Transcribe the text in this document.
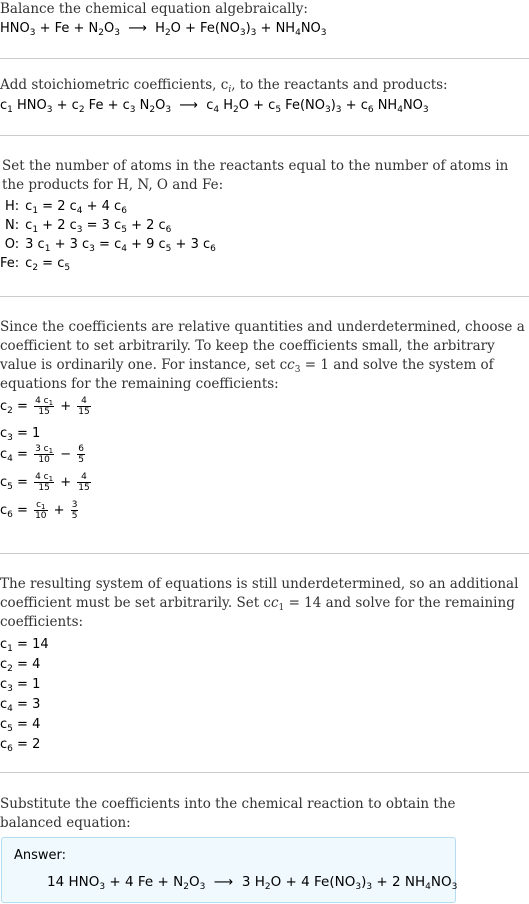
Balance the chemical equation algebraically:
$HNO_3 + Fe + N_2O_3$  ⟶  $H_2O + Fe(NO_3)_3 + NH_4NO_3$
Add stoichiometric coefficients, $c_i$, to the reactants and products:
$c_1$ $HNO_3 + c_2$ $Fe + c_3$ $N_2O_3$  ⟶  $c_4$ $H_2O + c_5$ $Fe(NO_3)_3 + c_6$ $NH_4NO_3$
Set the number of atoms in the reactants equal to the number of atoms in the products for H, N, O and Fe:
H:	$c_1 = 2$ $c_4 + 4$ $c_6$
N:	$c_1 + 2$ $c_3 = 3$ $c_5 + 2$ $c_6$
O:	3 $c_1 + 3$ $c_3 = c_4 + 9$ $c_5 + 3$ $c_6$
Fe:	$c_2 = c_5$
Since the coefficients are relative quantities and underdetermined, choose a coefficient to set arbitrarily. To keep the coefficients small, the arbitrary value is ordinarily one. For instance, set $cc_3 = 1$ and solve the system of equations for the remaining coefficients:
$c_2 = \frac{4 c_1}{15} + \frac{4}{15}$
$c_3 = 1$
$c_4 = \frac{3 c_1}{10} - \frac{6}{5}$
$c_5 = \frac{4 c_1}{15} + \frac{4}{15}$
$c_6 = \frac{c_1}{10} + \frac{3}{5}$
The resulting system of equations is still underdetermined, so an additional coefficient must be set arbitrarily. Set $cc_1 = 14$ and solve for the remaining coefficients:
$c_1 = 14$
$c_2 = 4$
$c_3 = 1$
$c_4 = 3$
$c_5 = 4$
$c_6 = 2$
Substitute the coefficients into the chemical reaction to obtain the balanced equation:
Answer:
14 $HNO_3 + 4$ $Fe + N_2O_3$  ⟶  3 $H_2O + 4$ $Fe(NO_3)_3 + 2$ $NH_4NO_3$
